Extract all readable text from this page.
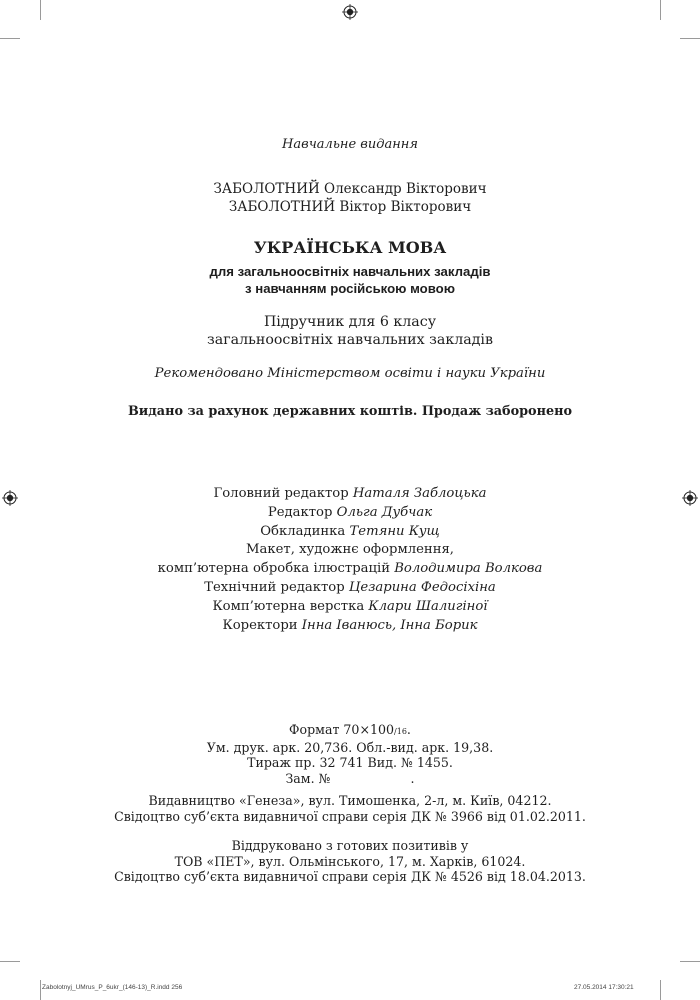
Навчальне видання
ЗАБОЛОТНИЙ Олександр Вікторович
ЗАБОЛОТНИЙ Віктор Вікторович
УКРАЇНСЬКА МОВА
для загальноосвітніх навчальних закладів
з навчанням російською мовою
Підручник для 6 класу
загальноосвітніх навчальних закладів
Рекомендовано Міністерством освіти і науки України
Видано за рахунок державних коштів. Продаж заборонено
Головний редактор Наталя Заблоцька
Редактор Ольга Дубчак
Обкладинка Тетяни Кущ
Макет, художнє оформлення,
комп’ютерна обробка ілюстрацій Володимира Волкова
Технічний редактор Цезарина Федосіхіна
Комп’ютерна верстка Клари Шалигіної
Коректори Інна Іванюсь, Інна Борик
Формат 70×100/16.
Ум. друк. арк. 20,736. Обл.-вид. арк. 19,38.
Тираж пр. 32 741 Вид. № 1455.
Зам. №	.
Видавництво «Генеза», вул. Тимошенка, 2-л, м. Київ, 04212.
Свідоцтво суб’єкта видавничої справи серія ДК № 3966 від 01.02.2011.
Віддруковано з готових позитивів у
ТОВ «ПЕТ», вул. Ольмінського, 17, м. Харків, 61024.
Свідоцтво суб’єкта видавничої справи серія ДК № 4526 від 18.04.2013.
Zabolotnyj_UMrus_P_6ukr_(146-13)_R.indd 256	27.05.2014 17:30:21
